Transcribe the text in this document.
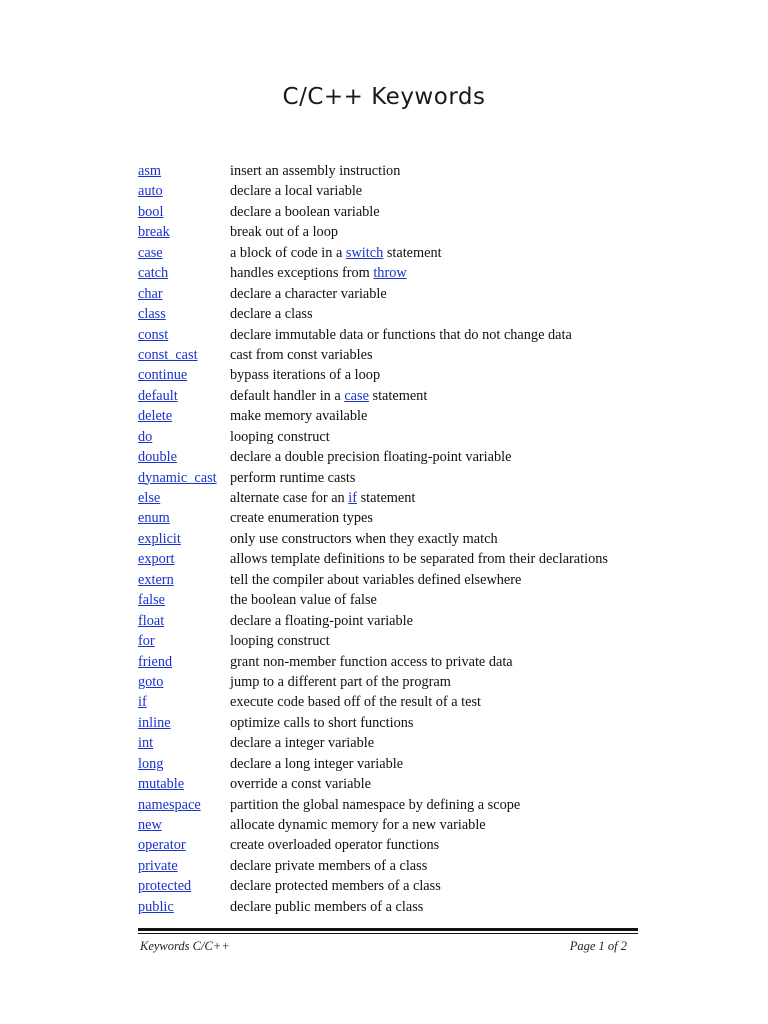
C/C++ Keywords
asm	insert an assembly instruction
auto	declare a local variable
bool	declare a boolean variable
break	break out of a loop
case	a block of code in a switch statement
catch	handles exceptions from throw
char	declare a character variable
class	declare a class
const	declare immutable data or functions that do not change data
const_cast cast from const variables
continue	bypass iterations of a loop
default	default handler in a case statement
delete	make memory available
do	looping construct
double	declare a double precision floating-point variable
dynamic_cast perform runtime casts
else	alternate case for an if statement
enum	create enumeration types
explicit	only use constructors when they exactly match
export	allows template definitions to be separated from their declarations
extern	tell the compiler about variables defined elsewhere
false	the boolean value of false
float	declare a floating-point variable
for	looping construct
friend	grant non-member function access to private data
goto	jump to a different part of the program
if	execute code based off of the result of a test
inline	optimize calls to short functions
int	declare a integer variable
long	declare a long integer variable
mutable	override a const variable
namespace partition the global namespace by defining a scope
new	allocate dynamic memory for a new variable
operator	create overloaded operator functions
private	declare private members of a class
protected	declare protected members of a class
public	declare public members of a class
Keywords C/C++	Page 1 of 2
